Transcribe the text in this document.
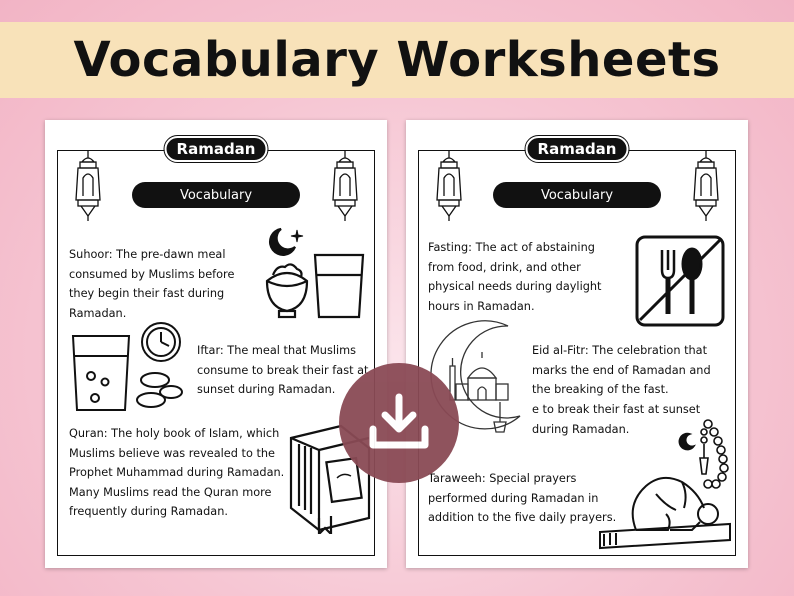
Vocabulary Worksheets
Ramadan
Vocabulary
Suhoor: The pre-dawn meal consumed by Muslims before they begin their fast during Ramadan.
Iftar: The meal that Muslims consume to break their fast at sunset during Ramadan.
Quran: The holy book of Islam, which Muslims believe was revealed to the Prophet Muhammad during Ramadan. Many Muslims read the Quran more frequently during Ramadan.
Ramadan
Vocabulary
Fasting: The act of abstaining from food, drink, and other physical needs during daylight hours in Ramadan.
Eid al-Fitr: The celebration that marks the end of Ramadan and the breaking of the fast.
e to break their fast at sunset during Ramadan.
Taraweeh: Special prayers performed during Ramadan in addition to the five daily prayers.
